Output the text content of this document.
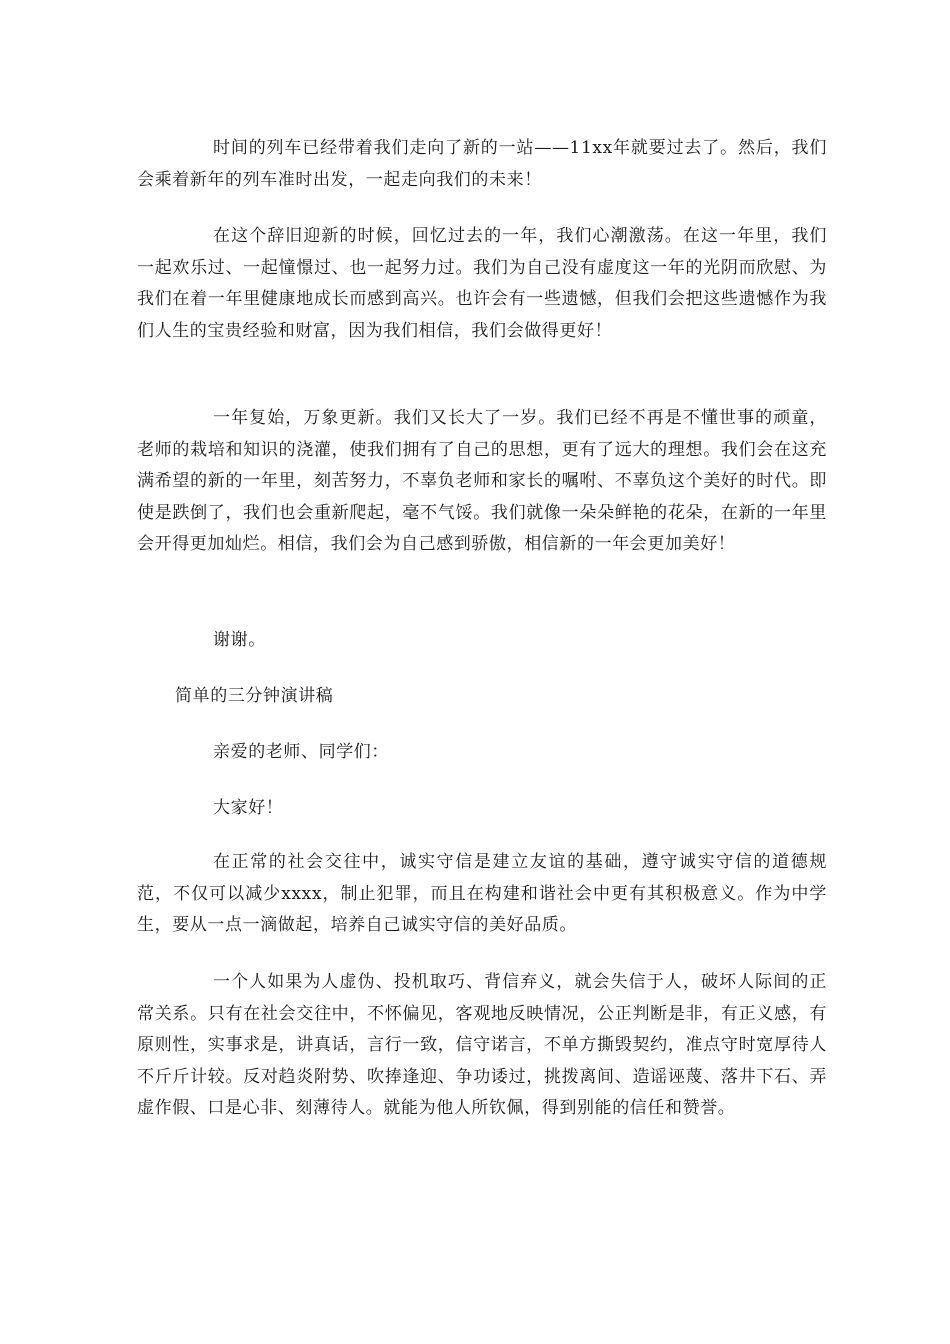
时间的列车已经带着我们走向了新的一站——11xx年就要过去了。然后，我们会乘着新年的列车准时出发，一起走向我们的未来！

在这个辞旧迎新的时候，回忆过去的一年，我们心潮激荡。在这一年里，我们一起欢乐过、一起憧憬过、也一起努力过。我们为自己没有虚度这一年的光阴而欣慰、为我们在着一年里健康地成长而感到高兴。也许会有一些遗憾，但我们会把这些遗憾作为我们人生的宝贵经验和财富，因为我们相信，我们会做得更好！

一年复始，万象更新。我们又长大了一岁。我们已经不再是不懂世事的顽童，老师的栽培和知识的浇灌，使我们拥有了自己的思想，更有了远大的理想。我们会在这充满希望的新的一年里，刻苦努力，不辜负老师和家长的嘱咐、不辜负这个美好的时代。即使是跌倒了，我们也会重新爬起，毫不气馁。我们就像一朵朵鲜艳的花朵，在新的一年里会开得更加灿烂。相信，我们会为自己感到骄傲，相信新的一年会更加美好！

谢谢。

简单的三分钟演讲稿

亲爱的老师、同学们：

大家好！

在正常的社会交往中，诚实守信是建立友谊的基础，遵守诚实守信的道德规范，不仅可以减少xxxx，制止犯罪，而且在构建和谐社会中更有其积极意义。作为中学生，要从一点一滴做起，培养自己诚实守信的美好品质。

一个人如果为人虚伪、投机取巧、背信弃义，就会失信于人，破坏人际间的正常关系。只有在社会交往中，不怀偏见，客观地反映情况，公正判断是非，有正义感，有原则性，实事求是，讲真话，言行一致，信守诺言，不单方撕毁契约，准点守时宽厚待人不斤斤计较。反对趋炎附势、吹捧逢迎、争功诿过，挑拨离间、造谣诬蔑、落井下石、弄虚作假、口是心非、刻薄待人。就能为他人所钦佩，得到别能的信任和赞誉。
